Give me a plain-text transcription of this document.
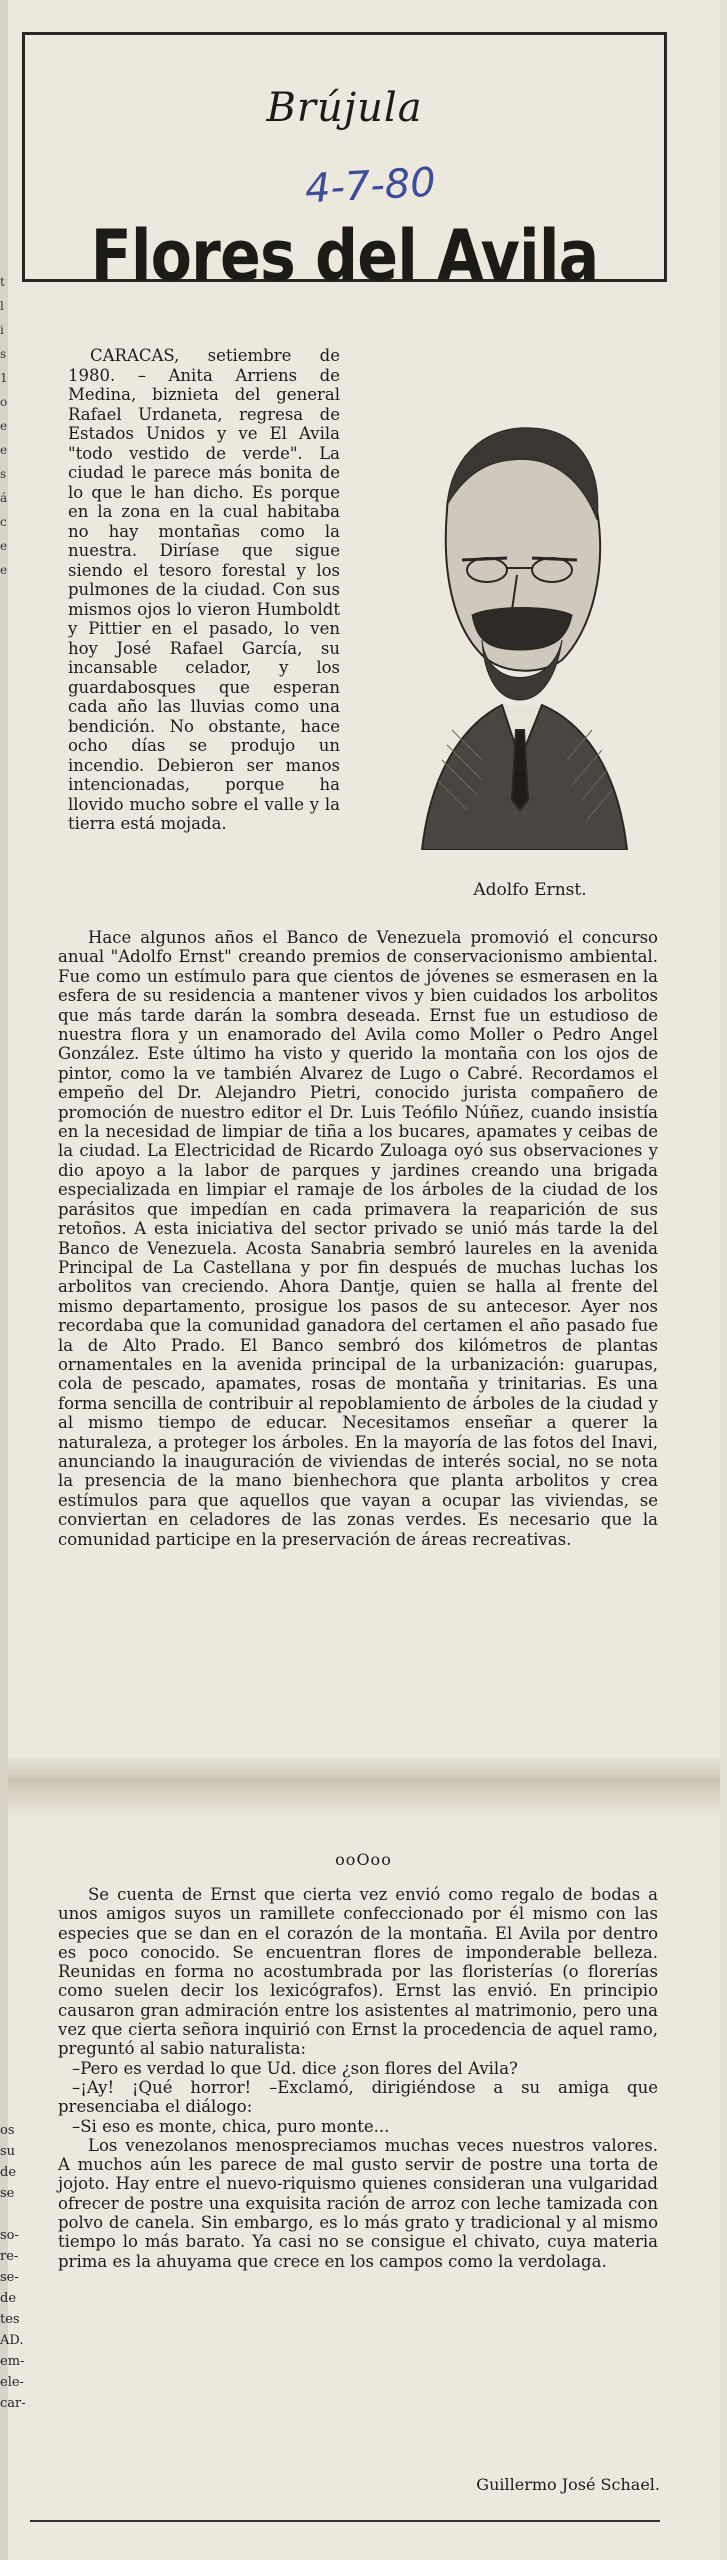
t
l
i
s
1
o
e
e
s
á
c
e
e
os
su
de
se

so-
re-
se-
de
tes
AD.
em-
ele-
car-
Brújula
4-7-80
Flores del Avila

CARACAS, setiembre de 1980. – Anita Arriens de Medina, biznieta del general Rafael Urdaneta, regresa de Estados Unidos y ve El Avila "todo vestido de verde". La ciudad le parece más bonita de lo que le han dicho. Es porque en la zona en la cual habitaba no hay montañas como la nuestra. Diríase que sigue siendo el tesoro forestal y los pulmones de la ciudad. Con sus mismos ojos lo vieron Humboldt y Pittier en el pasado, lo ven hoy José Rafael García, su incansable celador, y los guardabosques que esperan cada año las lluvias como una bendición. No obstante, hace ocho días se produjo un incendio. Debieron ser manos intencionadas, porque ha llovido mucho sobre el valle y la tierra está mojada.

Adolfo Ernst.

Hace algunos años el Banco de Venezuela promovió el concurso anual "Adolfo Ernst" creando premios de conservacionismo ambiental. Fue como un estímulo para que cientos de jóvenes se esmerasen en la esfera de su residencia a mantener vivos y bien cuidados los arbolitos que más tarde darán la sombra deseada. Ernst fue un estudioso de nuestra flora y un enamorado del Avila como Moller o Pedro Angel González. Este último ha visto y querido la montaña con los ojos de pintor, como la ve también Alvarez de Lugo o Cabré. Recordamos el empeño del Dr. Alejandro Pietri, conocido jurista compañero de promoción de nuestro editor el Dr. Luis Teófilo Núñez, cuando insistía en la necesidad de limpiar de tiña a los bucares, apamates y ceibas de la ciudad. La Electricidad de Ricardo Zuloaga oyó sus observaciones y dio apoyo a la labor de parques y jardines creando una brigada especializada en limpiar el ramaje de los árboles de la ciudad de los parásitos que impedían en cada primavera la reaparición de sus retoños. A esta iniciativa del sector privado se unió más tarde la del Banco de Venezuela. Acosta Sanabria sembró laureles en la avenida Principal de La Castellana y por fin después de muchas luchas los arbolitos van creciendo. Ahora Dantje, quien se halla al frente del mismo departamento, prosigue los pasos de su antecesor. Ayer nos recordaba que la comunidad ganadora del certamen el año pasado fue la de Alto Prado. El Banco sembró dos kilómetros de plantas ornamentales en la avenida principal de la urbanización: guarupas, cola de pescado, apamates, rosas de montaña y trinitarias. Es una forma sencilla de contribuir al repoblamiento de árboles de la ciudad y al mismo tiempo de educar. Necesitamos enseñar a querer la naturaleza, a proteger los árboles. En la mayoría de las fotos del Inavi, anunciando la inauguración de viviendas de interés social, no se nota la presencia de la mano bienhechora que planta arbolitos y crea estímulos para que aquellos que vayan a ocupar las viviendas, se conviertan en celadores de las zonas verdes. Es necesario que la comunidad participe en la preservación de áreas recreativas.

ooOoo

Se cuenta de Ernst que cierta vez envió como regalo de bodas a unos amigos suyos un ramillete confeccionado por él mismo con las especies que se dan en el corazón de la montaña. El Avila por dentro es poco conocido. Se encuentran flores de imponderable belleza. Reunidas en forma no acostumbrada por las floristerías (o florerías como suelen decir los lexicógrafos). Ernst las envió. En principio causaron gran admiración entre los asistentes al matrimonio, pero una vez que cierta señora inquirió con Ernst la procedencia de aquel ramo, preguntó al sabio naturalista:

–Pero es verdad lo que Ud. dice ¿son flores del Avila?

–¡Ay! ¡Qué horror! –Exclamó, dirigiéndose a su amiga que presenciaba el diálogo:

–Si eso es monte, chica, puro monte...

Los venezolanos menospreciamos muchas veces nuestros valores. A muchos aún les parece de mal gusto servir de postre una torta de jojoto. Hay entre el nuevo-riquismo quienes consideran una vulgaridad ofrecer de postre una exquisita ración de arroz con leche tamizada con polvo de canela. Sin embargo, es lo más grato y tradicional y al mismo tiempo lo más barato. Ya casi no se consigue el chivato, cuya materia prima es la ahuyama que crece en los campos como la verdolaga.

Guillermo José Schael.
